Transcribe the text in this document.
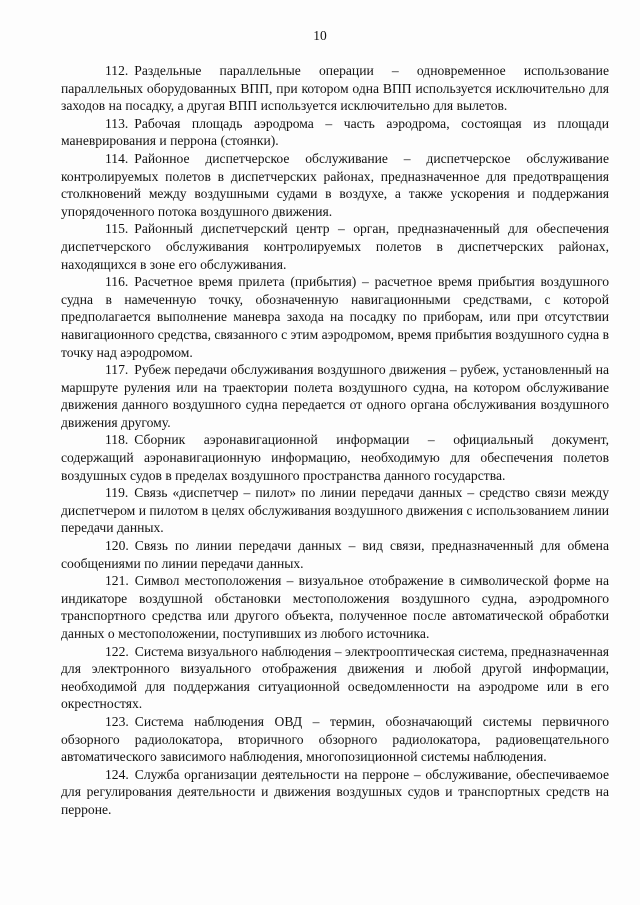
10

112. Раздельные параллельные операции – одновременное использование параллельных оборудованных ВПП, при котором одна ВПП используется исключительно для заходов на посадку, а другая ВПП используется исключительно для вылетов.

113. Рабочая площадь аэродрома – часть аэродрома, состоящая из площади маневрирования и перрона (стоянки).

114. Районное диспетчерское обслуживание – диспетчерское обслуживание контролируемых полетов в диспетчерских районах, предназначенное для предотвращения столкновений между воздушными судами в воздухе, а также ускорения и поддержания упорядоченного потока воздушного движения.

115. Районный диспетчерский центр – орган, предназначенный для обеспечения диспетчерского обслуживания контролируемых полетов в диспетчерских районах, находящихся в зоне его обслуживания.

116. Расчетное время прилета (прибытия) – расчетное время прибытия воздушного судна в намеченную точку, обозначенную навигационными средствами, с которой предполагается выполнение маневра захода на посадку по приборам, или при отсутствии навигационного средства, связанного с этим аэродромом, время прибытия воздушного судна в точку над аэродромом.

117. Рубеж передачи обслуживания воздушного движения – рубеж, установленный на маршруте руления или на траектории полета воздушного судна, на котором обслуживание движения данного воздушного судна передается от одного органа обслуживания воздушного движения другому.

118. Сборник аэронавигационной информации – официальный документ, содержащий аэронавигационную информацию, необходимую для обеспечения полетов воздушных судов в пределах воздушного пространства данного государства.

119. Связь «диспетчер – пилот» по линии передачи данных – средство связи между диспетчером и пилотом в целях обслуживания воздушного движения с использованием линии передачи данных.

120. Связь по линии передачи данных – вид связи, предназначенный для обмена сообщениями по линии передачи данных.

121. Символ местоположения – визуальное отображение в символической форме на индикаторе воздушной обстановки местоположения воздушного судна, аэродромного транспортного средства или другого объекта, полученное после автоматической обработки данных о местоположении, поступивших из любого источника.

122. Система визуального наблюдения – электрооптическая система, предназначенная для электронного визуального отображения движения и любой другой информации, необходимой для поддержания ситуационной осведомленности на аэродроме или в его окрестностях.

123. Система наблюдения ОВД – термин, обозначающий системы первичного обзорного радиолокатора, вторичного обзорного радиолокатора, радиовещательного автоматического зависимого наблюдения, многопозиционной системы наблюдения.

124. Служба организации деятельности на перроне – обслуживание, обеспечиваемое для регулирования деятельности и движения воздушных судов и транспортных средств на перроне.
